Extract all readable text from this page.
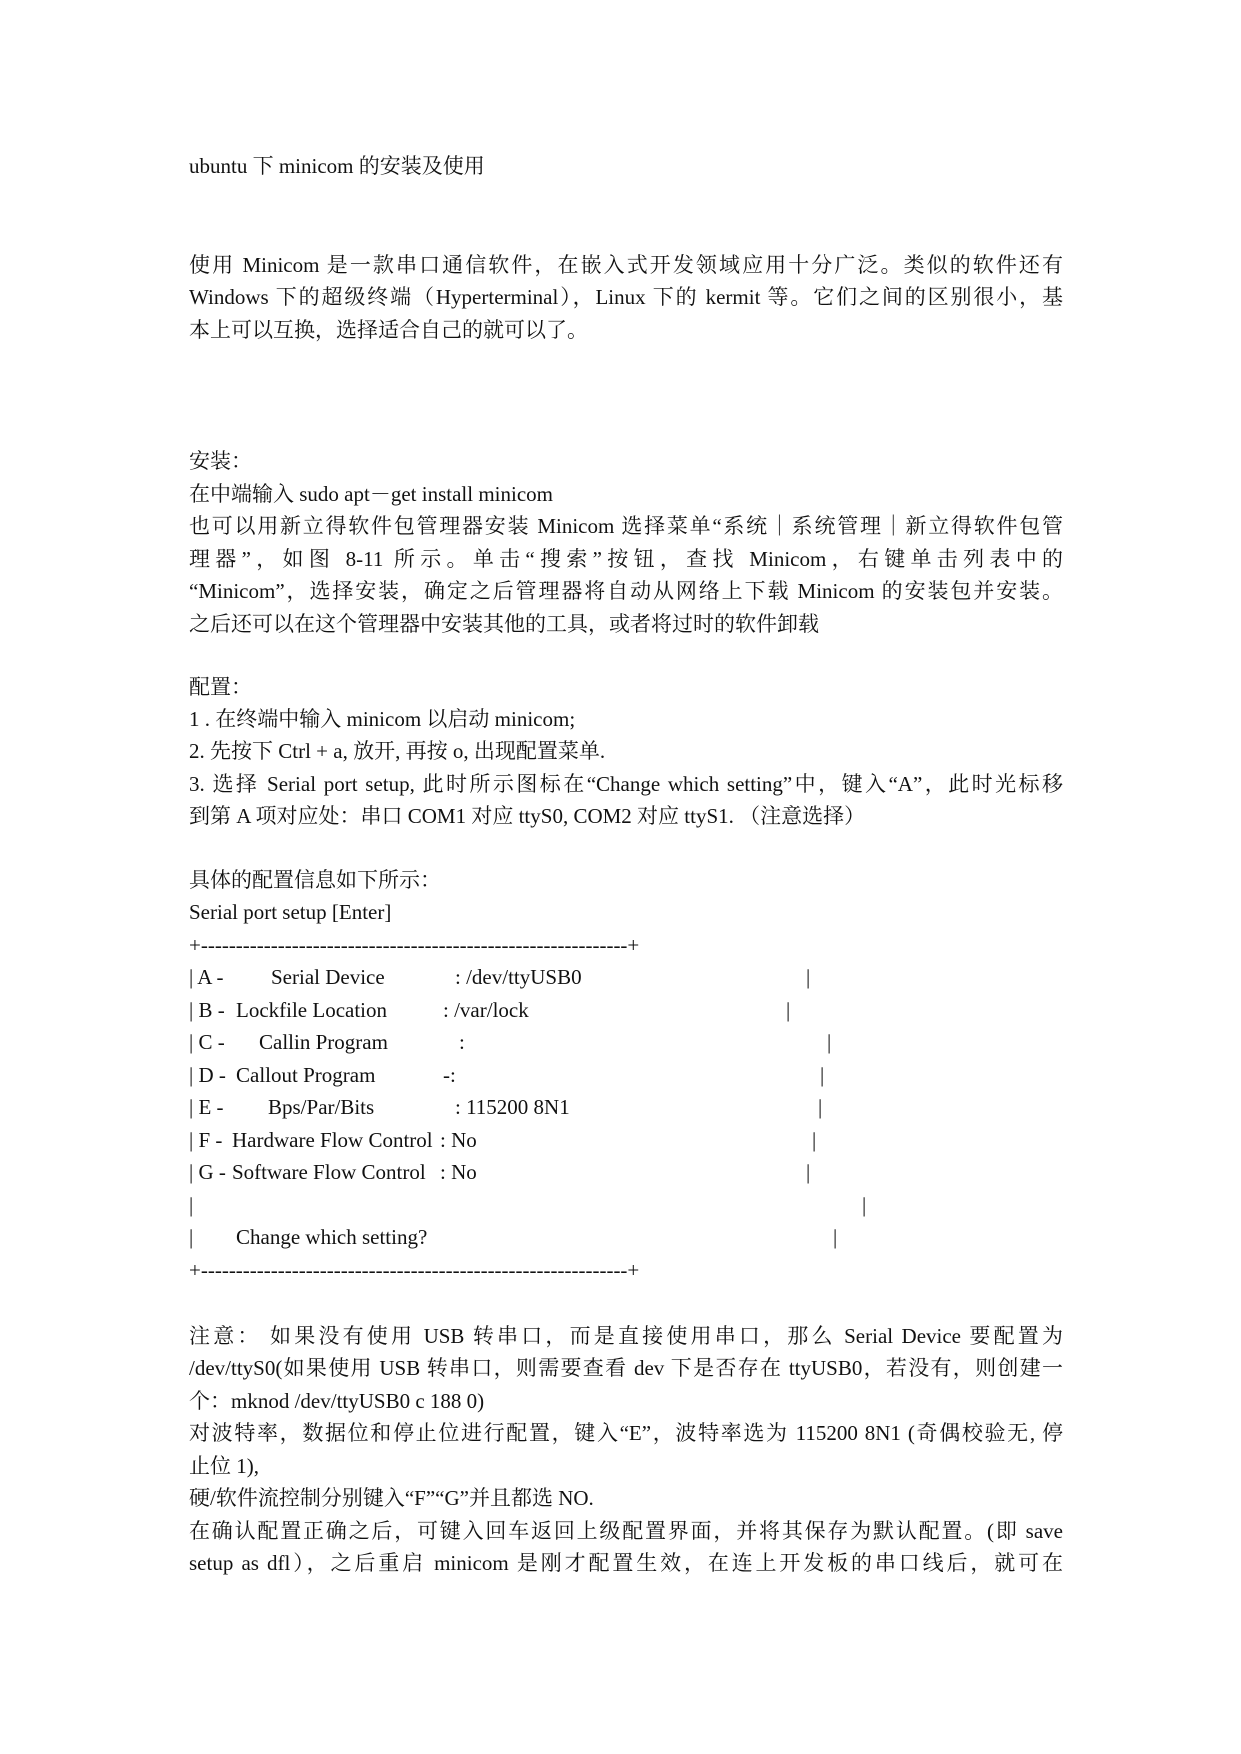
ubuntu 下 minicom 的安装及使用

使用 Minicom 是一款串口通信软件，在嵌入式开发领域应用十分广泛。类似的软件还有

Windows 下的超级终端（Hyperterminal），Linux 下的 kermit 等。它们之间的区别很小，基

本上可以互换，选择适合自己的就可以了。

安装：

在中端输入 sudo apt－get install minicom

也可以用新立得软件包管理器安装 Minicom 选择菜单“系统｜系统管理｜新立得软件包管

理器”，如图 8-11 所示。单击“搜索”按钮，查找 Minicom，右键单击列表中的

“Minicom”，选择安装，确定之后管理器将自动从网络上下载 Minicom 的安装包并安装。

之后还可以在这个管理器中安装其他的工具，或者将过时的软件卸载

配置：

1 . 在终端中输入 minicom 以启动 minicom;

2. 先按下 Ctrl + a, 放开, 再按 o, 出现配置菜单.

3. 选择 Serial port setup, 此时所示图标在“Change which setting”中，键入“A”，此时光标移

到第 A 项对应处：串口 COM1 对应 ttyS0, COM2 对应 ttyS1. （注意选择）

具体的配置信息如下所示：

Serial port setup [Enter]

+-------------------------------------------------------------+

| A - Serial Device	: /dev/ttyUSB0	|
| B - Lockfile Location	: /var/lock	|
| C - Callin Program	:	|
| D - Callout Program	-:	|
| E - Bps/Par/Bits	: 115200 8N1	|
| F - Hardware Flow Control : No	|
| G - Software Flow Control : No	|
|	|
| Change which setting?	|

+-------------------------------------------------------------+

注意： 如果没有使用 USB 转串口，而是直接使用串口，那么 Serial Device 要配置为

/dev/ttyS0(如果使用 USB 转串口，则需要查看 dev 下是否存在 ttyUSB0，若没有，则创建一

个：mknod /dev/ttyUSB0 c 188 0)

对波特率，数据位和停止位进行配置，键入“E”，波特率选为 115200 8N1 (奇偶校验无, 停

止位 1),

硬/软件流控制分别键入“F”“G”并且都选 NO.

在确认配置正确之后，可键入回车返回上级配置界面，并将其保存为默认配置。(即 save

setup as dfl），之后重启 minicom 是刚才配置生效，在连上开发板的串口线后，就可在
